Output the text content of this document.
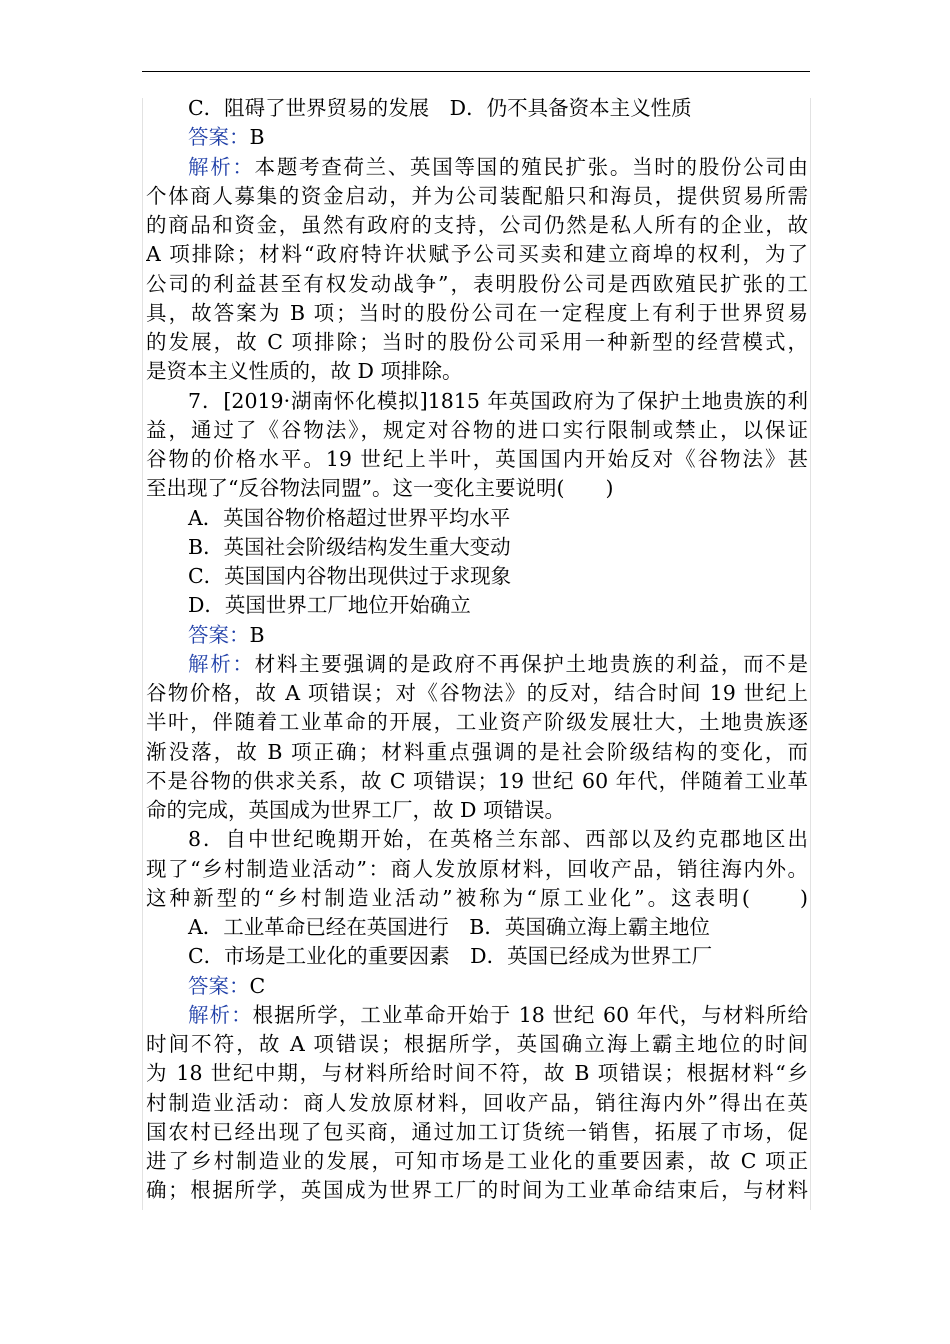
C．阻碍了世界贸易的发展　D．仍不具备资本主义性质
答案：B
解析：本题考查荷兰、英国等国的殖民扩张。当时的股份公司由
个体商人募集的资金启动，并为公司装配船只和海员，提供贸易所需
的商品和资金，虽然有政府的支持，公司仍然是私人所有的企业，故
A 项排除；材料“政府特许状赋予公司买卖和建立商埠的权利，为了
公司的利益甚至有权发动战争”，表明股份公司是西欧殖民扩张的工
具，故答案为 B 项；当时的股份公司在一定程度上有利于世界贸易
的发展，故 C 项排除；当时的股份公司采用一种新型的经营模式，
是资本主义性质的，故 D 项排除。
7．[2019·湖南怀化模拟]1815 年英国政府为了保护土地贵族的利
益，通过了《谷物法》，规定对谷物的进口实行限制或禁止，以保证
谷物的价格水平。19 世纪上半叶，英国国内开始反对《谷物法》甚
至出现了“反谷物法同盟”。这一变化主要说明(　　)
A．英国谷物价格超过世界平均水平
B．英国社会阶级结构发生重大变动
C．英国国内谷物出现供过于求现象
D．英国世界工厂地位开始确立
答案：B
解析：材料主要强调的是政府不再保护土地贵族的利益，而不是
谷物价格，故 A 项错误；对《谷物法》的反对，结合时间 19 世纪上
半叶，伴随着工业革命的开展，工业资产阶级发展壮大，土地贵族逐
渐没落，故 B 项正确；材料重点强调的是社会阶级结构的变化，而
不是谷物的供求关系，故 C 项错误；19 世纪 60 年代，伴随着工业革
命的完成，英国成为世界工厂，故 D 项错误。
8．自中世纪晚期开始，在英格兰东部、西部以及约克郡地区出
现了“乡村制造业活动”：商人发放原材料，回收产品，销往海内外。
这种新型的“乡村制造业活动”被称为“原工业化”。这表明(　　)
A．工业革命已经在英国进行　B．英国确立海上霸主地位
C．市场是工业化的重要因素　D．英国已经成为世界工厂
答案：C
解析：根据所学，工业革命开始于 18 世纪 60 年代，与材料所给
时间不符，故 A 项错误；根据所学，英国确立海上霸主地位的时间
为 18 世纪中期，与材料所给时间不符，故 B 项错误；根据材料“乡
村制造业活动：商人发放原材料，回收产品，销往海内外”得出在英
国农村已经出现了包买商，通过加工订货统一销售，拓展了市场，促
进了乡村制造业的发展，可知市场是工业化的重要因素，故 C 项正
确；根据所学，英国成为世界工厂的时间为工业革命结束后，与材料
